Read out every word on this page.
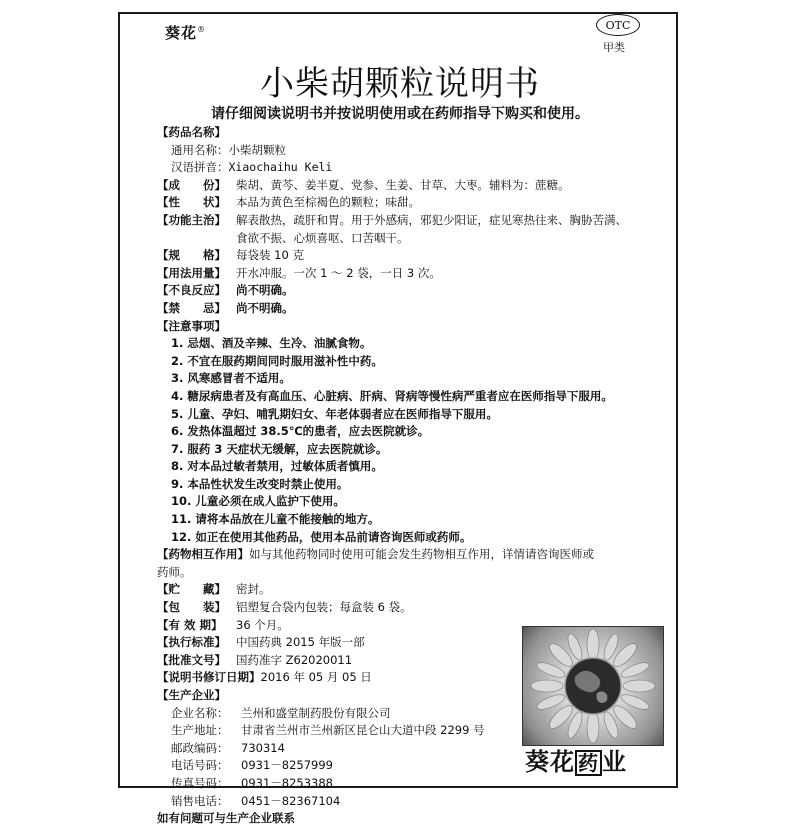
葵花®	OTC
甲类
小柴胡颗粒说明书
请仔细阅读说明书并按说明使用或在药师指导下购买和使用。
【药品名称】
通用名称： 小柴胡颗粒
汉语拼音： Xiaochaihu Keli
【成　　份】 柴胡、黄芩、姜半夏、党参、生姜、甘草、大枣。辅料为：蔗糖。
【性　　状】 本品为黄色至棕褐色的颗粒；味甜。
【功能主治】 解表散热，疏肝和胃。用于外感病，邪犯少阳证，症见寒热往来、胸胁苦满、
食欲不振、心烦喜呕、口苦咽干。
【规　　格】 每袋装 10 克
【用法用量】 开水冲服。一次 1 ～ 2 袋，一日 3 次。
【不良反应】 尚不明确。
【禁　　忌】 尚不明确。
【注意事项】
1. 忌烟、酒及辛辣、生冷、油腻食物。
2. 不宜在服药期间同时服用滋补性中药。
3. 风寒感冒者不适用。
4. 糖尿病患者及有高血压、心脏病、肝病、肾病等慢性病严重者应在医师指导下服用。
5. 儿童、孕妇、哺乳期妇女、年老体弱者应在医师指导下服用。
6. 发热体温超过 38.5℃的患者，应去医院就诊。
7. 服药 3 天症状无缓解，应去医院就诊。
8. 对本品过敏者禁用，过敏体质者慎用。
9. 本品性状发生改变时禁止使用。
10. 儿童必须在成人监护下使用。
11. 请将本品放在儿童不能接触的地方。
12. 如正在使用其他药品，使用本品前请咨询医师或药师。
【药物相互作用】 如与其他药物同时使用可能会发生药物相互作用，详情请咨询医师或
药师。
【贮　　藏】 密封。
【包　　装】 铝塑复合袋内包装；每盒装 6 袋。
【有 效 期】	36 个月。
【执行标准】 中国药典 2015 年版一部
【批准文号】 国药准字 Z62020011
【说明书修订日期】 2016 年 05 月 05 日
【生产企业】
企业名称：	兰州和盛堂制药股份有限公司
生产地址：	甘肃省兰州市兰州新区昆仑山大道中段 2299 号
邮政编码：	730314
电话号码：	0931－8257999
传真号码：	0931－8253388
销售电话：	0451－82367104
如有问题可与生产企业联系
葵花 药 业
